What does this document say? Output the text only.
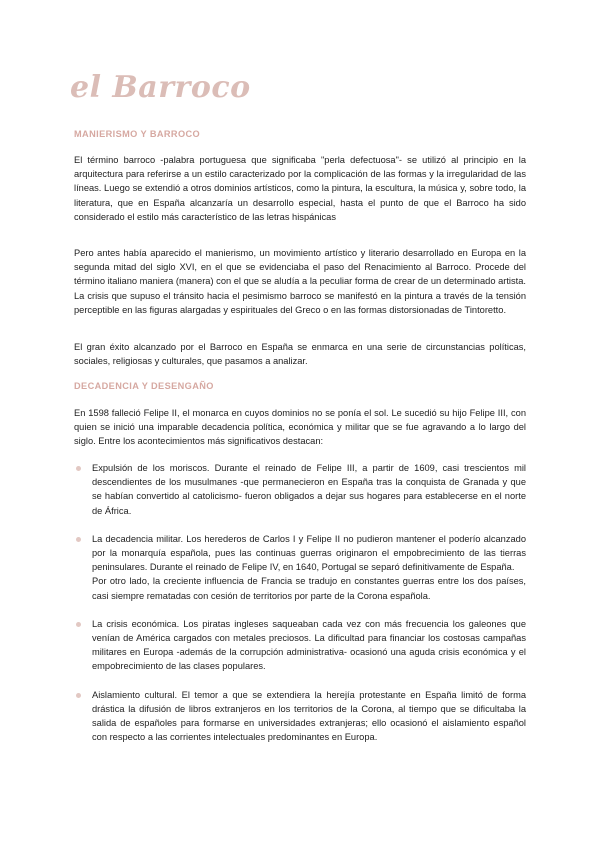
el Barroco
MANIERISMO Y BARROCO

El término barroco -palabra portuguesa que significaba "perla defectuosa"- se utilizó al principio en la arquitectura para referirse a un estilo caracterizado por la complicación de las formas y la irregularidad de las líneas. Luego se extendió a otros dominios artísticos, como la pintura, la escultura, la música y, sobre todo, la literatura, que en España alcanzaría un desarrollo especial, hasta el punto de que el Barroco ha sido considerado el estilo más característico de las letras hispánicas

Pero antes había aparecido el manierismo, un movimiento artístico y literario desarrollado en Europa en la segunda mitad del siglo XVI, en el que se evidenciaba el paso del Renacimiento al Barroco. Procede del término italiano maniera (manera) con el que se aludía a la peculiar forma de crear de un determinado artista. La crisis que supuso el tránsito hacia el pesimismo barroco se manifestó en la pintura a través de la tensión perceptible en las figuras alargadas y espirituales del Greco o en las formas distorsionadas de Tintoretto.

El gran éxito alcanzado por el Barroco en España se enmarca en una serie de circunstancias políticas, sociales, religiosas y culturales, que pasamos a analizar.

DECADENCIA Y DESENGAÑO

En 1598 falleció Felipe II, el monarca en cuyos dominios no se ponía el sol. Le sucedió su hijo Felipe III, con quien se inició una imparable decadencia política, económica y militar que se fue agravando a lo largo del siglo. Entre los acontecimientos más significativos destacan:

Expulsión de los moriscos. Durante el reinado de Felipe III, a partir de 1609, casi trescientos mil descendientes de los musulmanes -que permanecieron en España tras la conquista de Granada y que se habían convertido al catolicismo- fueron obligados a dejar sus hogares para establecerse en el norte de África.
La decadencia militar. Los herederos de Carlos I y Felipe II no pudieron mantener el poderío alcanzado por la monarquía española, pues las continuas guerras originaron el empobrecimiento de las tierras peninsulares. Durante el reinado de Felipe IV, en 1640, Portugal se separó definitivamente de España.
Por otro lado, la creciente influencia de Francia se tradujo en constantes guerras entre los dos países, casi siempre rematadas con cesión de territorios por parte de la Corona española.
La crisis económica. Los piratas ingleses saqueaban cada vez con más frecuencia los galeones que venían de América cargados con metales preciosos. La dificultad para financiar los costosas campañas militares en Europa -además de la corrupción administrativa- ocasionó una aguda crisis económica y el empobrecimiento de las clases populares.
Aislamiento cultural. El temor a que se extendiera la herejía protestante en España limitó de forma drástica la difusión de libros extranjeros en los territorios de la Corona, al tiempo que se dificultaba la salida de españoles para formarse en universidades extranjeras; ello ocasionó el aislamiento español con respecto a las corrientes intelectuales predominantes en Europa.
